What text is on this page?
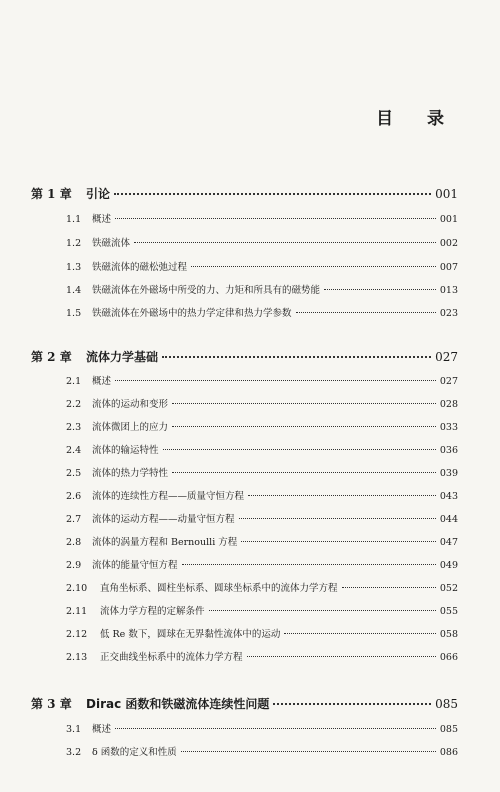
目 录
第 1 章	引论	001
1.1	概述	001
1.2	铁磁流体	002
1.3	铁磁流体的磁松弛过程	007
1.4	铁磁流体在外磁场中所受的力、力矩和所具有的磁势能	013
1.5	铁磁流体在外磁场中的热力学定律和热力学参数	023
第 2 章	流体力学基础	027
2.1	概述	027
2.2	流体的运动和变形	028
2.3	流体微团上的应力	033
2.4	流体的输运特性	036
2.5	流体的热力学特性	039
2.6	流体的连续性方程——质量守恒方程	043
2.7	流体的运动方程——动量守恒方程	044
2.8	流体的涡量方程和 Bernoulli 方程	047
2.9	流体的能量守恒方程	049
2.10	直角坐标系、圆柱坐标系、圆球坐标系中的流体力学方程	052
2.11	流体力学方程的定解条件	055
2.12	低 Re 数下，圆球在无界黏性流体中的运动	058
2.13	正交曲线坐标系中的流体力学方程	066
第 3 章	Dirac 函数和铁磁流体连续性问题	085
3.1	概述	085
3.2	δ 函数的定义和性质	086
